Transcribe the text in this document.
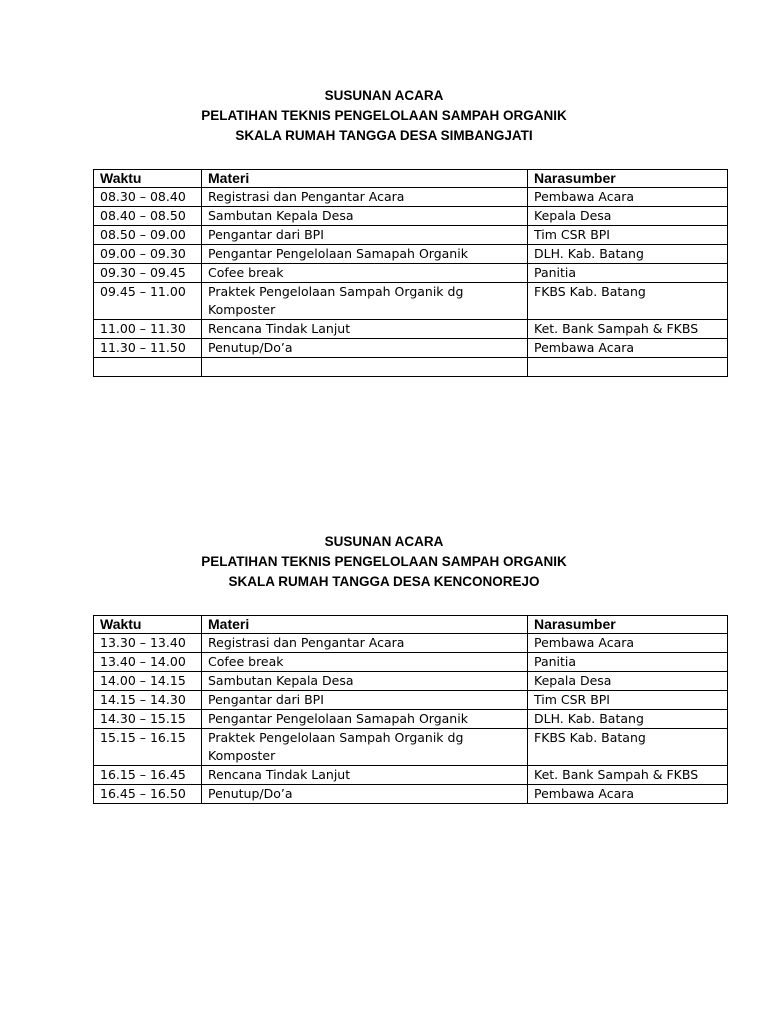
SUSUNAN ACARA
PELATIHAN TEKNIS PENGELOLAAN SAMPAH ORGANIK
SKALA RUMAH TANGGA DESA SIMBANGJATI
Waktu	Materi	Narasumber
08.30 – 08.40	Registrasi dan Pengantar Acara	Pembawa Acara
08.40 – 08.50	Sambutan Kepala Desa	Kepala Desa
08.50 – 09.00	Pengantar dari BPI	Tim CSR BPI
09.00 – 09.30	Pengantar Pengelolaan Samapah Organik	DLH. Kab. Batang
09.30 – 09.45	Cofee break	Panitia
09.45 – 11.00	Praktek Pengelolaan Sampah Organik dg Komposter	FKBS Kab. Batang
11.00 – 11.30	Rencana Tindak Lanjut	Ket. Bank Sampah & FKBS
11.30 – 11.50	Penutup/Do’a	Pembawa Acara

SUSUNAN ACARA
PELATIHAN TEKNIS PENGELOLAAN SAMPAH ORGANIK
SKALA RUMAH TANGGA DESA KENCONOREJO
Waktu	Materi	Narasumber
13.30 – 13.40	Registrasi dan Pengantar Acara	Pembawa Acara
13.40 – 14.00	Cofee break	Panitia
14.00 – 14.15	Sambutan Kepala Desa	Kepala Desa
14.15 – 14.30	Pengantar dari BPI	Tim CSR BPI
14.30 – 15.15	Pengantar Pengelolaan Samapah Organik	DLH. Kab. Batang
15.15 – 16.15	Praktek Pengelolaan Sampah Organik dg Komposter	FKBS Kab. Batang
16.15 – 16.45	Rencana Tindak Lanjut	Ket. Bank Sampah & FKBS
16.45 – 16.50	Penutup/Do’a	Pembawa Acara
